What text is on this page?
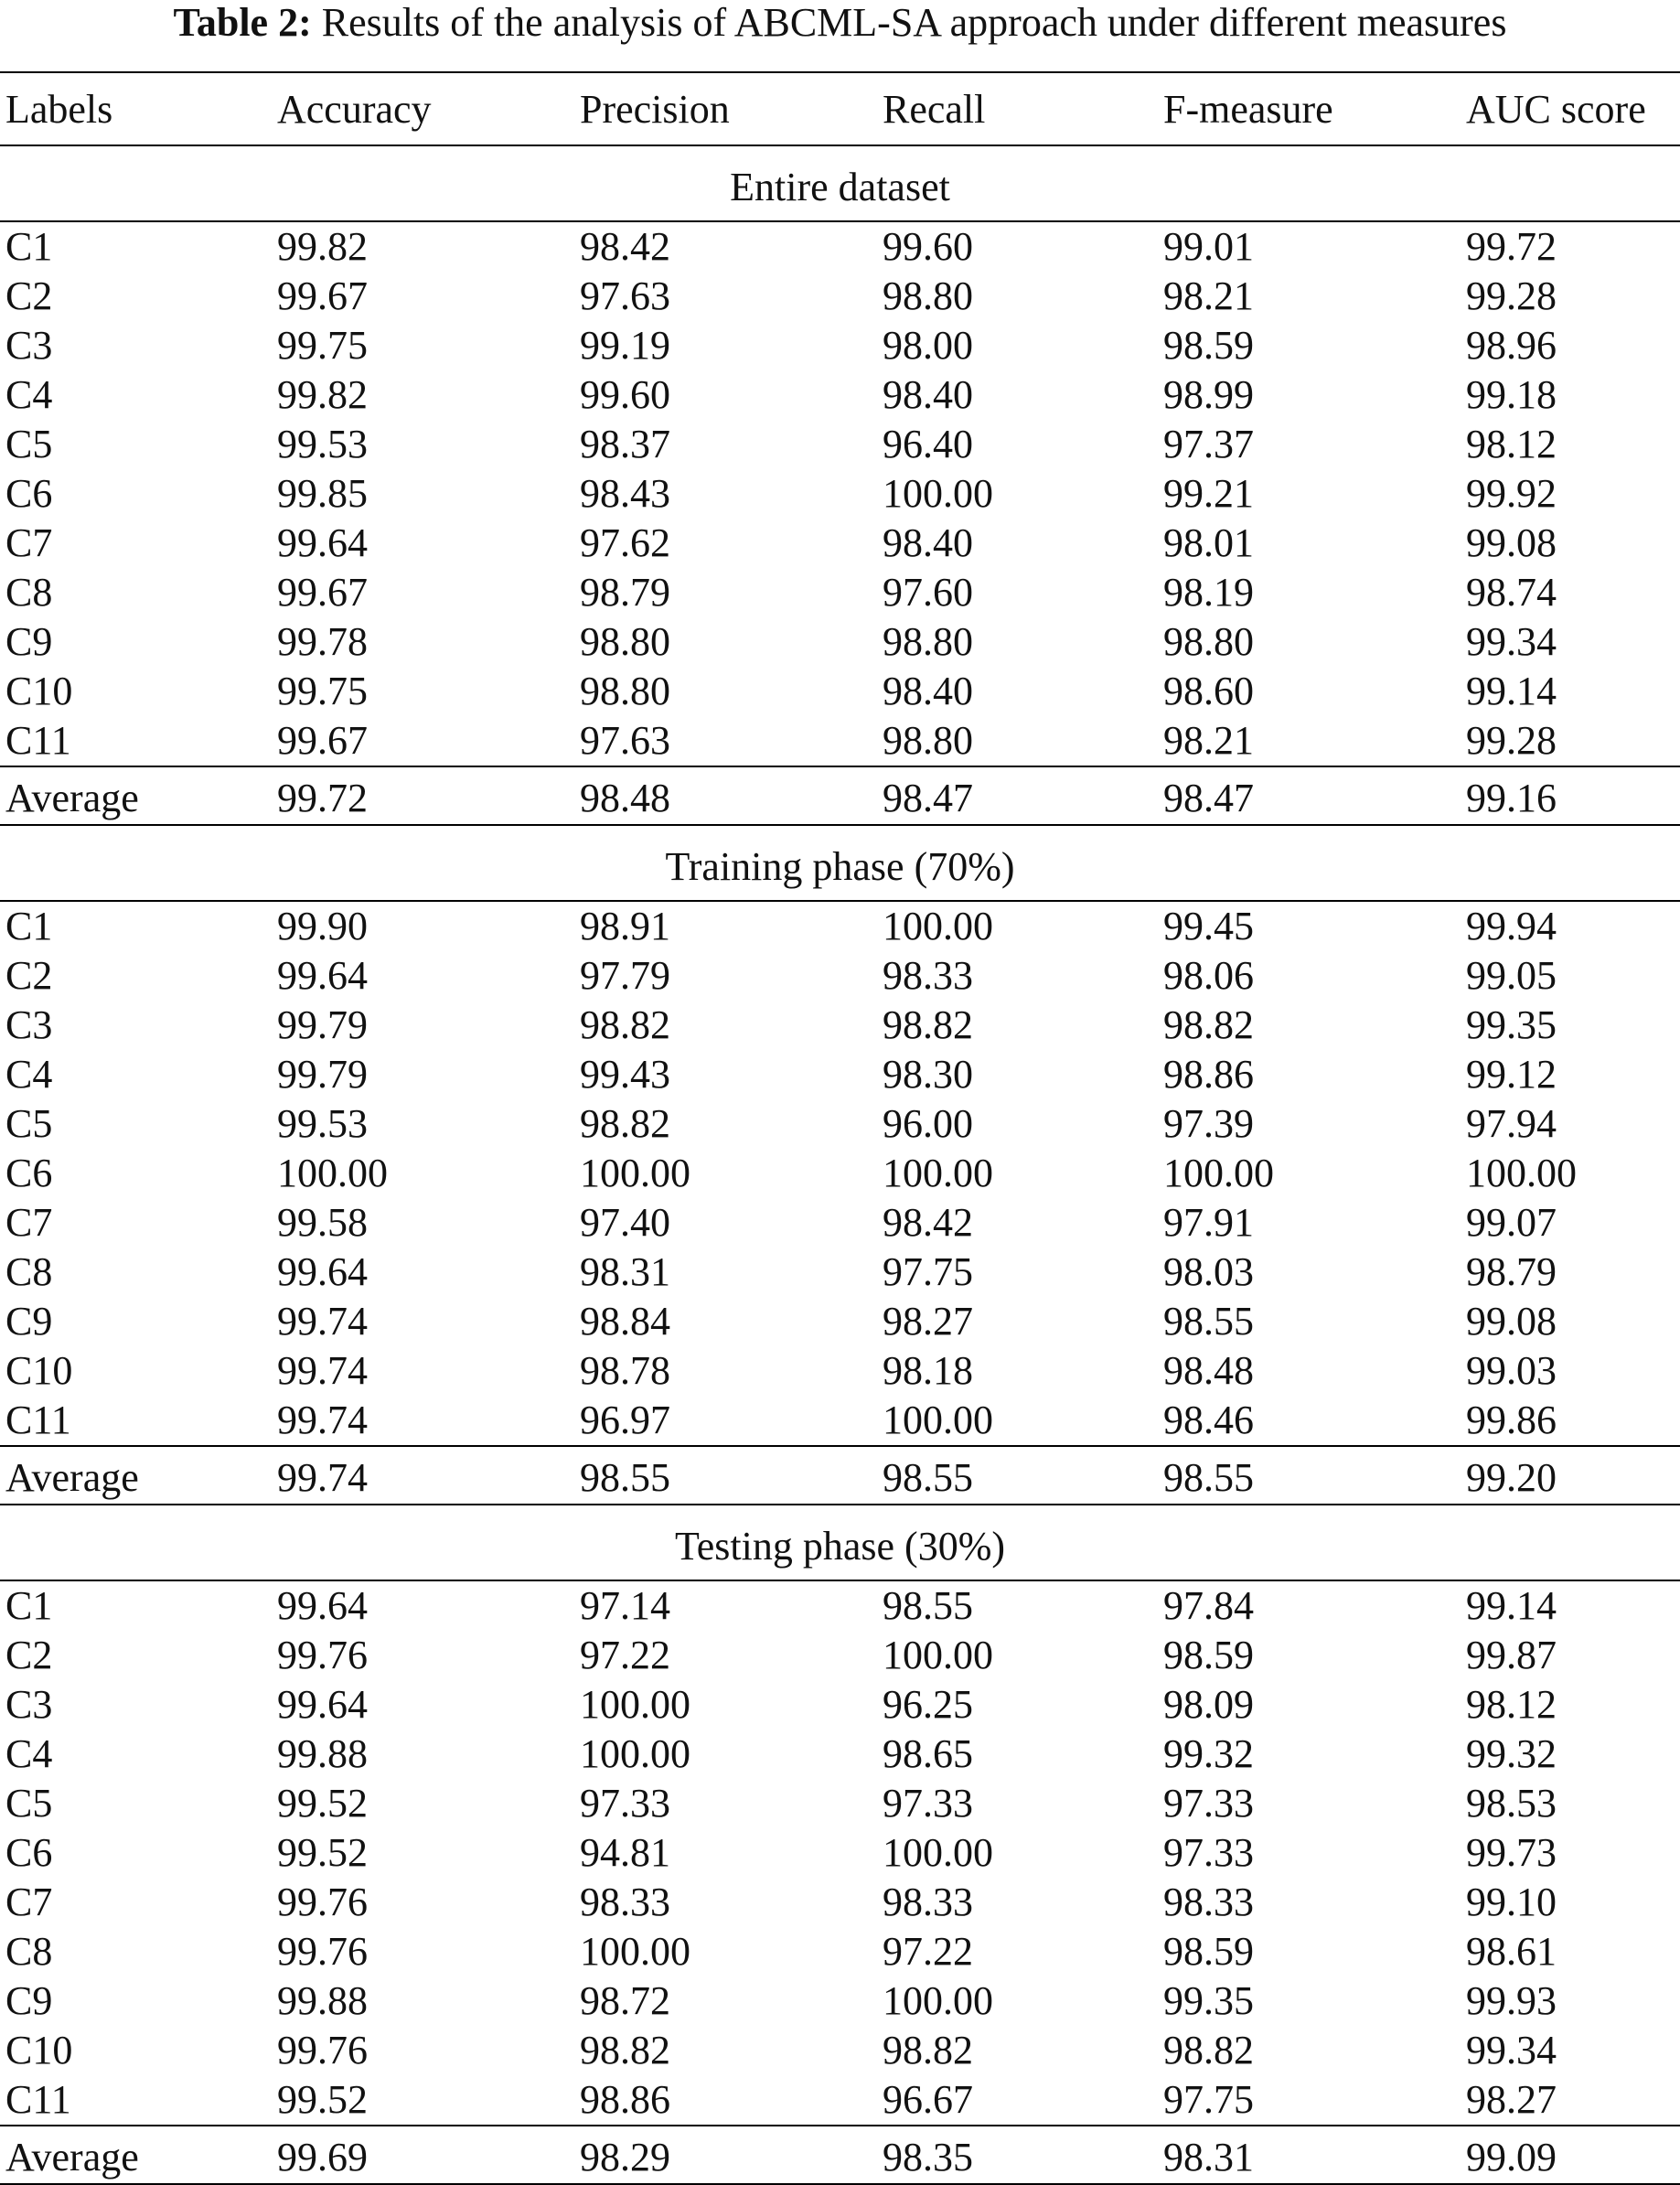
Table 2: Results of the analysis of ABCML-SA approach under different measures
Labels	Accuracy	Precision	Recall	F-measure	AUC score
Entire dataset					
C1	99.82	98.42	99.60	99.01	99.72
C2	99.67	97.63	98.80	98.21	99.28
C3	99.75	99.19	98.00	98.59	98.96
C4	99.82	99.60	98.40	98.99	99.18
C5	99.53	98.37	96.40	97.37	98.12
C6	99.85	98.43	100.00	99.21	99.92
C7	99.64	97.62	98.40	98.01	99.08
C8	99.67	98.79	97.60	98.19	98.74
C9	99.78	98.80	98.80	98.80	99.34
C10	99.75	98.80	98.40	98.60	99.14
C11	99.67	97.63	98.80	98.21	99.28
Average	99.72	98.48	98.47	98.47	99.16
Training phase (70%)					
C1	99.90	98.91	100.00	99.45	99.94
C2	99.64	97.79	98.33	98.06	99.05
C3	99.79	98.82	98.82	98.82	99.35
C4	99.79	99.43	98.30	98.86	99.12
C5	99.53	98.82	96.00	97.39	97.94
C6	100.00	100.00	100.00	100.00	100.00
C7	99.58	97.40	98.42	97.91	99.07
C8	99.64	98.31	97.75	98.03	98.79
C9	99.74	98.84	98.27	98.55	99.08
C10	99.74	98.78	98.18	98.48	99.03
C11	99.74	96.97	100.00	98.46	99.86
Average	99.74	98.55	98.55	98.55	99.20
Testing phase (30%)					
C1	99.64	97.14	98.55	97.84	99.14
C2	99.76	97.22	100.00	98.59	99.87
C3	99.64	100.00	96.25	98.09	98.12
C4	99.88	100.00	98.65	99.32	99.32
C5	99.52	97.33	97.33	97.33	98.53
C6	99.52	94.81	100.00	97.33	99.73
C7	99.76	98.33	98.33	98.33	99.10
C8	99.76	100.00	97.22	98.59	98.61
C9	99.88	98.72	100.00	99.35	99.93
C10	99.76	98.82	98.82	98.82	99.34
C11	99.52	98.86	96.67	97.75	98.27
Average	99.69	98.29	98.35	98.31	99.09
